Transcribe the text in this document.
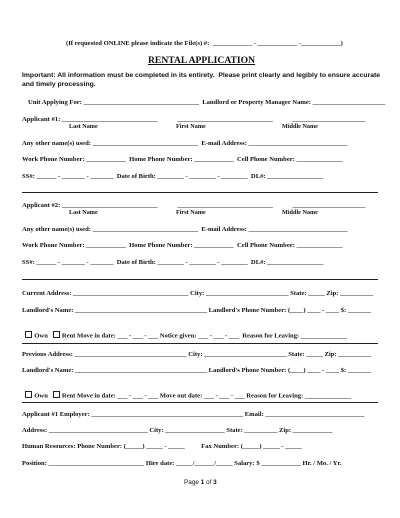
(If requested ONLINE please indicate the File(s) #:  ____________ - ____________ -____________)
RENTAL APPLICATION
Important: All information must be completed in its entirety.  Please print clearly and legibly to ensure accurate
and timely processing.
Unit Applying For: ___________________________________  Landlord or Property Manager Name: ______________________
Applicant #1: _____________________________            _____________________________            ______________________
Last Name	First Name	Middle Name
Any other name(s) used: ________________________________  E-mail Address: ______________________________
Work Phone Number: ____________  Home Phone Number: ____________  Cell Phone Number: ______________
SS#: ______ - _______ - _______  Date of Birth: ________ - ________ - ________  DL#: _________________
Applicant #2: _____________________________            _____________________________            ______________________
Last Name	First Name	Middle Name
Any other name(s) used: ________________________________  E-mail Address: ______________________________
Work Phone Number: ____________  Home Phone Number: ____________  Cell Phone Number: ______________
SS#: ______ - _______ - _______  Date of Birth: ________ - ________ - ________  DL#: _________________
Current Address: ___________________________________ City: _________________________ State: _____ Zip: __________
Landlord's Name: ________________________________________ Landlord's Phone Number: (____) ____ - ____ $: _______

Own Rent Move in date: ___ - ___ - ___ Notice given: ___ - ___ - ___  Reason for Leaving: ______________

Previous Address: __________________________________ City: _________________________ State: _____ Zip: __________
Landlord's Name: ________________________________________ Landlord's Phone Number: (____) ____ - ____ $: _______

Own Rent Move in date: ___ - ___ - ___ Move out date: ___ - ___ - ___ Reason for Leaving: ______________

Applicant #1 Employer: ______________________________________________ Email: ______________________________
Address: ______________________________ City: __________________ State: __________ Zip: ____________
Human Resources: Phone Number: (_____) _____ - _____          Fax Number: (_____) _____ - _____
Position: _____________________________ Hire date: _____/______/_____ Salary: $ ____________ Hr. / Mo. / Yr.
Page 1 of 3
